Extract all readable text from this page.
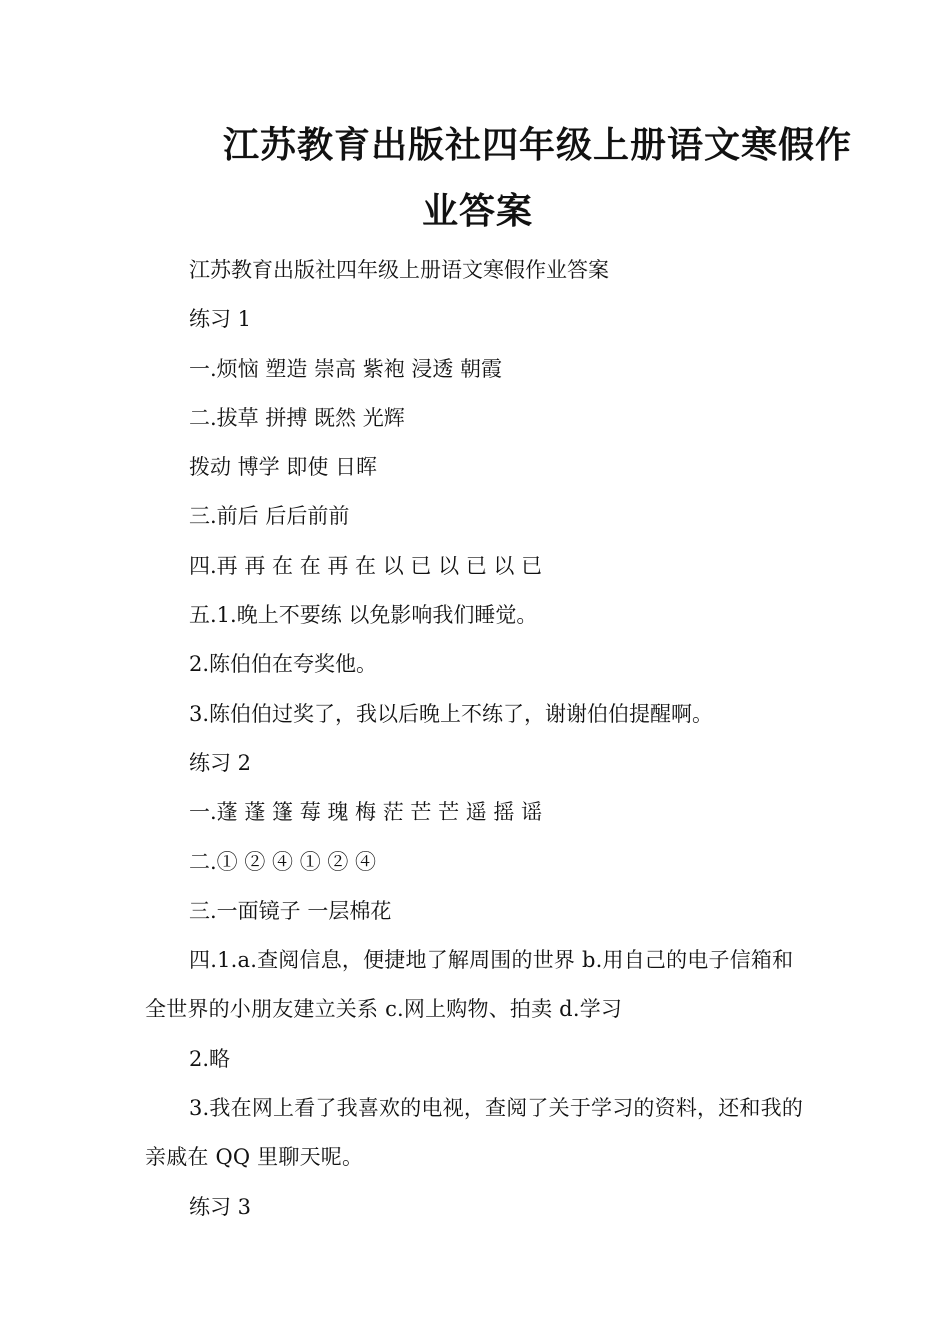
江苏教育出版社四年级上册语文寒假作
业答案

江苏教育出版社四年级上册语文寒假作业答案

练习 1

一.烦恼 塑造 崇高 紫袍 浸透 朝霞

二.拔草 拼搏 既然 光辉

拨动 博学 即使 日晖

三.前后 后后前前

四.再 再 在 在 再 在 以 已 以 已 以 已

五.1.晚上不要练 以免影响我们睡觉。

2.陈伯伯在夸奖他。

3.陈伯伯过奖了，我以后晚上不练了，谢谢伯伯提醒啊。

练习 2

一.蓬 蓬 篷 莓 瑰 梅 茫 芒 芒 遥 摇 谣

二.① ② ④ ① ② ④

三.一面镜子 一层棉花

四.1.a.查阅信息，便捷地了解周围的世界 b.用自己的电子信箱和全世界的小朋友建立关系 c.网上购物、拍卖 d.学习

2.略

3.我在网上看了我喜欢的电视，查阅了关于学习的资料，还和我的亲戚在 QQ 里聊天呢。

练习 3
